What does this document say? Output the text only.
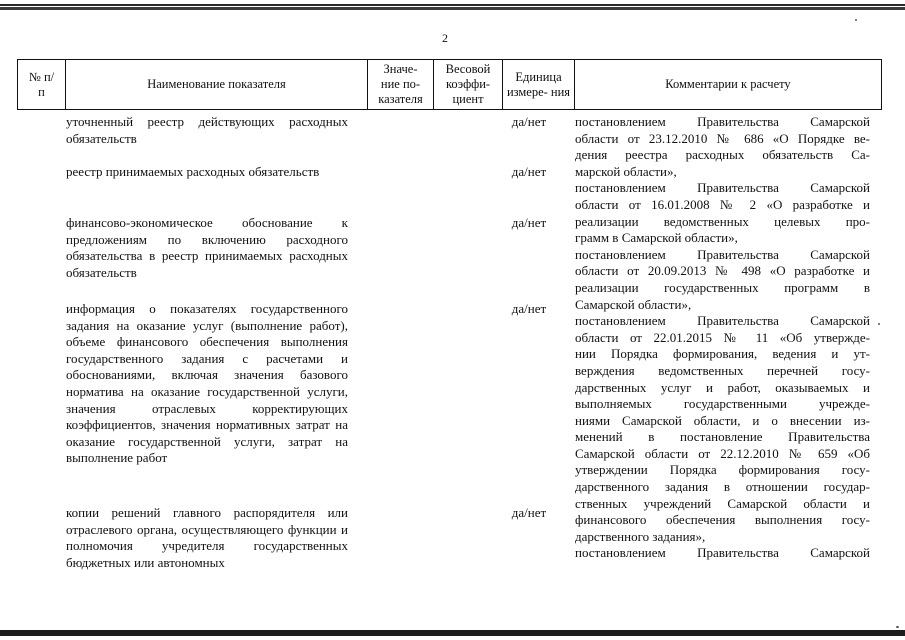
2
№ п/п
Наименование показателя
Значе- ние по- казателя
Весовой коэффи- циент
Единица измере- ния
Комментарии к расчету
уточненный реестр действующих расходных обязательств
реестр принимаемых расходных обязательств
финансово-экономическое обоснование к предложениям по включению расходного обязательства в реестр принимаемых расходных обязательств
информация о показателях государственного задания на оказание услуг (выполнение работ), объеме финансового обеспечения выполнения государственного задания с расчетами и обоснованиями, включая значения базового норматива на оказание государственной услуги, значения отраслевых корректирующих коэффициентов, значения нормативных затрат на оказание государственной услуги, затрат на выполнение работ
копии решений главного распорядителя или отраслевого органа, осуществляющего функции и полномочия учредителя государственных бюджетных или автономных
да/нет
да/нет
да/нет
да/нет
да/нет
постановлением Правительства Самарской
области от 23.12.2010 № 686 «О Порядке ве-
дения реестра расходных обязательств Са-
марской области»,
постановлением Правительства Самарской
области от 16.01.2008 № 2 «О разработке и
реализации ведомственных целевых про-
грамм в Самарской области»,
постановлением Правительства Самарской
области от 20.09.2013 № 498 «О разработке и
реализации государственных программ в
Самарской области»,
постановлением Правительства Самарской
области от 22.01.2015 № 11 «Об утвержде-
нии Порядка формирования, ведения и ут-
верждения ведомственных перечней госу-
дарственных услуг и работ, оказываемых и
выполняемых государственными учрежде-
ниями Самарской области, и о внесении из-
менений в постановление Правительства
Самарской области от 22.12.2010 № 659 «Об
утверждении Порядка формирования госу-
дарственного задания в отношении государ-
ственных учреждений Самарской области и
финансового обеспечения выполнения госу-
дарственного задания»,
постановлением Правительства Самарской
